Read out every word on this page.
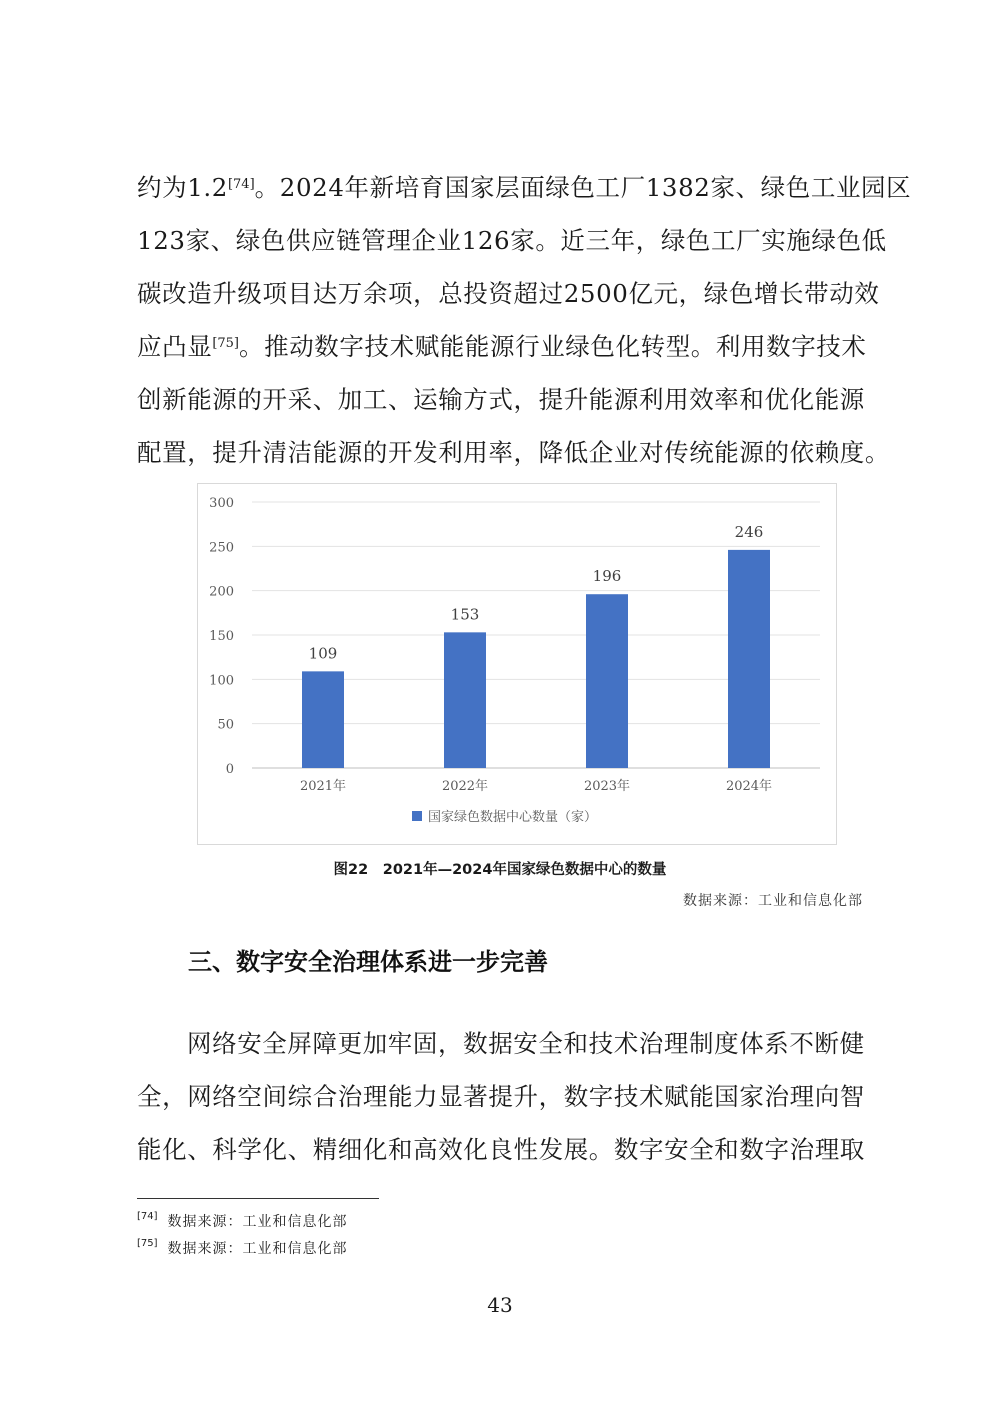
约为1.2[74]。2024年新培育国家层面绿色工厂1382家、绿色工业园区
123家、绿色供应链管理企业126家。近三年，绿色工厂实施绿色低
碳改造升级项目达万余项，总投资超过2500亿元，绿色增长带动效
应凸显[75]。推动数字技术赋能能源行业绿色化转型。利用数字技术
创新能源的开采、加工、运输方式，提升能源利用效率和优化能源
配置，提升清洁能源的开发利用率，降低企业对传统能源的依赖度。
0
50
100
150
200
250
300
109
2021年
153
2022年
196
2023年
246
2024年
国家绿色数据中心数量（家）
图22　2021年—2024年国家绿色数据中心的数量
数据来源：工业和信息化部
三、数字安全治理体系进一步完善
网络安全屏障更加牢固，数据安全和技术治理制度体系不断健
全，网络空间综合治理能力显著提升，数字技术赋能国家治理向智
能化、科学化、精细化和高效化良性发展。数字安全和数字治理取
[74] 数据来源：工业和信息化部
[75] 数据来源：工业和信息化部
43
